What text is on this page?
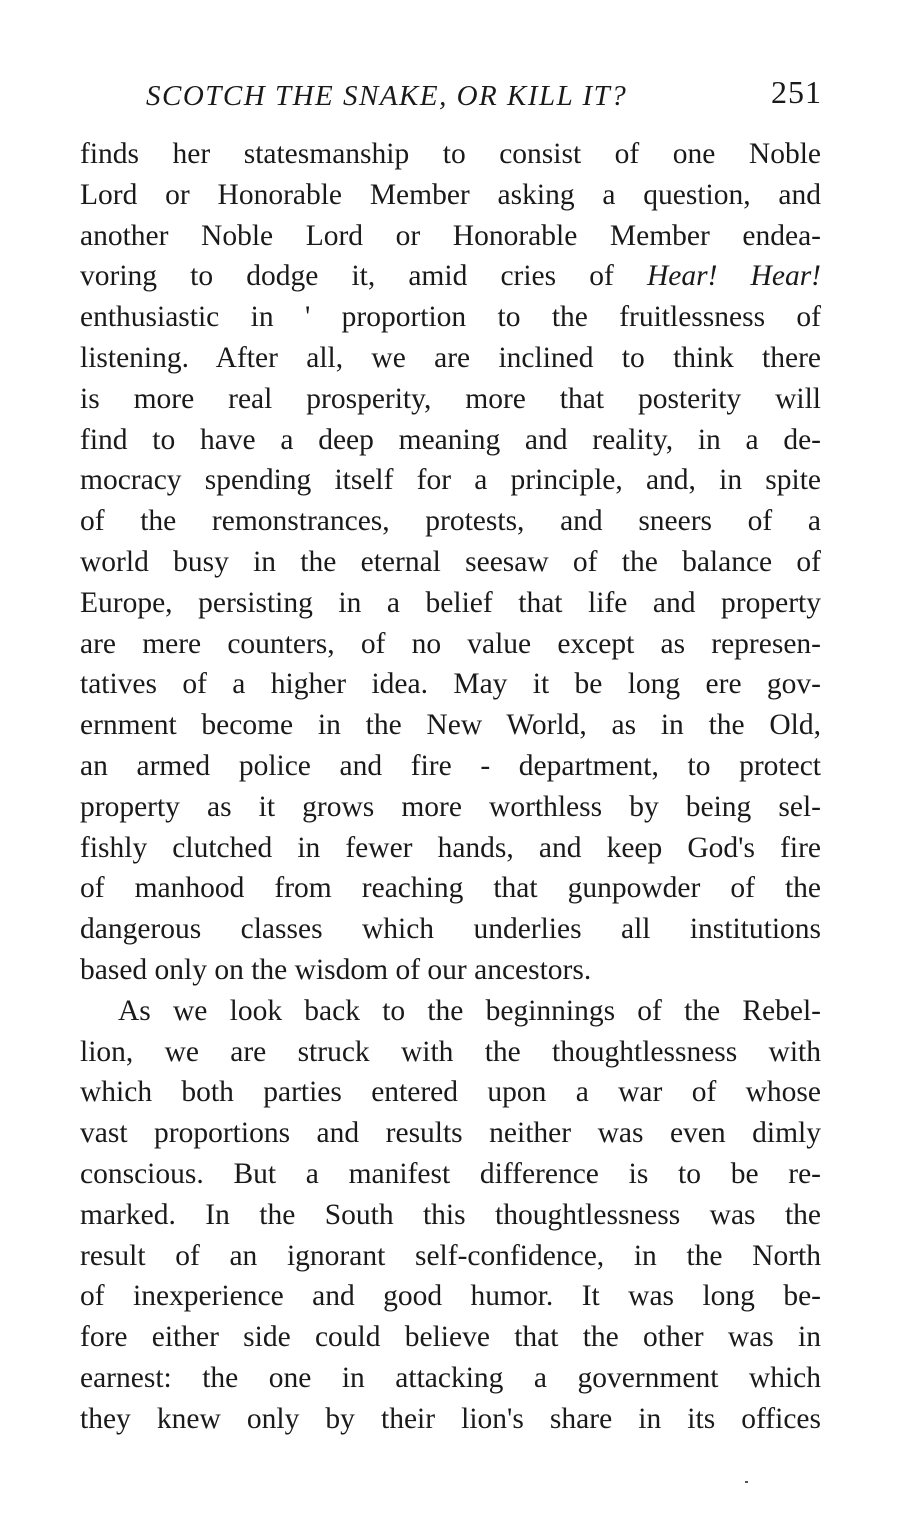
SCOTCH THE SNAKE, OR KILL IT?	251
finds her statesmanship to consist of one Noble
Lord or Honorable Member asking a question, and
another Noble Lord or Honorable Member endea-
voring to dodge it, amid cries of Hear! Hear!
enthusiastic in ' proportion to the fruitlessness of
listening. After all, we are inclined to think there
is more real prosperity, more that posterity will
find to have a deep meaning and reality, in a de-
mocracy spending itself for a principle, and, in spite
of the remonstrances, protests, and sneers of a
world busy in the eternal seesaw of the balance of
Europe, persisting in a belief that life and property
are mere counters, of no value except as represen-
tatives of a higher idea. May it be long ere gov-
ernment become in the New World, as in the Old,
an armed police and fire - department, to protect
property as it grows more worthless by being sel-
fishly clutched in fewer hands, and keep God's fire
of manhood from reaching that gunpowder of the
dangerous classes which underlies all institutions
based only on the wisdom of our ancestors.
As we look back to the beginnings of the Rebel-
lion, we are struck with the thoughtlessness with
which both parties entered upon a war of whose
vast proportions and results neither was even dimly
conscious. But a manifest difference is to be re-
marked. In the South this thoughtlessness was the
result of an ignorant self-confidence, in the North
of inexperience and good humor. It was long be-
fore either side could believe that the other was in
earnest: the one in attacking a government which
they knew only by their lion's share in its offices
